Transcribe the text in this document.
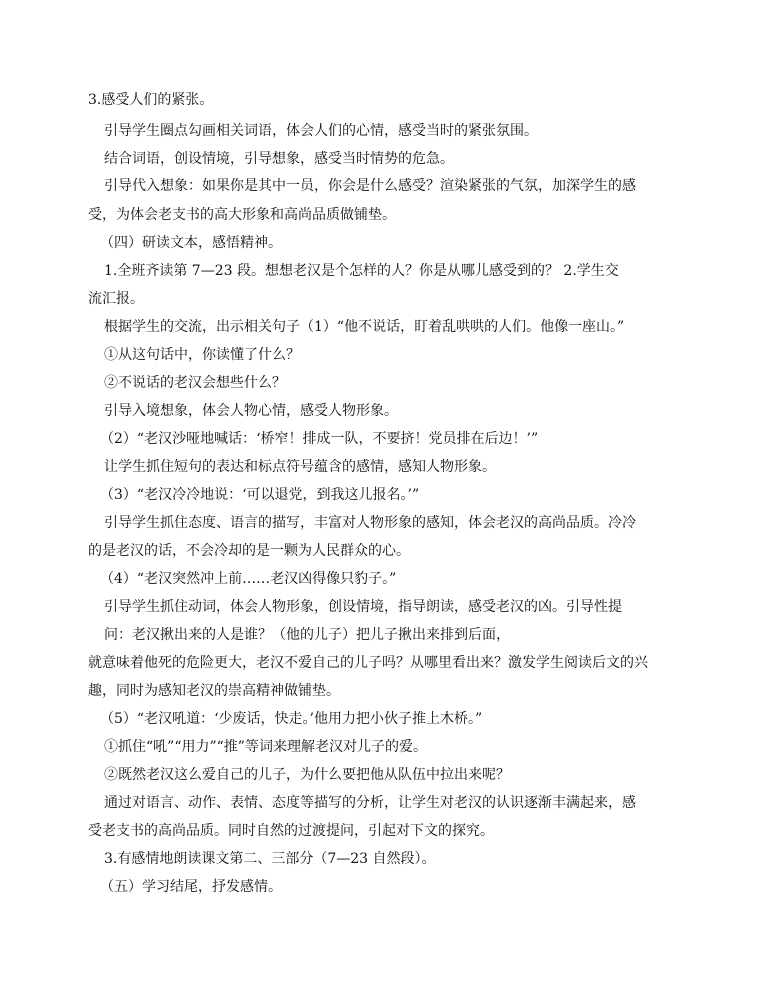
3.感受人们的紧张。
引导学生圈点勾画相关词语，体会人们的心情，感受当时的紧张氛围。
结合词语，创设情境，引导想象，感受当时情势的危急。
引导代入想象：如果你是其中一员，你会是什么感受？渲染紧张的气氛，加深学生的感
受，为体会老支书的高大形象和高尚品质做铺垫。
（四）研读文本，感悟精神。
1.全班齐读第 7—23 段。想想老汉是个怎样的人？你是从哪儿感受到的？ 2.学生交
流汇报。
根据学生的交流，出示相关句子（1）“他不说话，盯着乱哄哄的人们。他像一座山。”
①从这句话中，你读懂了什么？
②不说话的老汉会想些什么？
引导入境想象，体会人物心情，感受人物形象。
（2）“老汉沙哑地喊话：‘桥窄！排成一队，不要挤！党员排在后边！’”
让学生抓住短句的表达和标点符号蕴含的感情，感知人物形象。
（3）“老汉冷冷地说：‘可以退党，到我这儿报名。’”
引导学生抓住态度、语言的描写，丰富对人物形象的感知，体会老汉的高尚品质。冷冷
的是老汉的话，不会冷却的是一颗为人民群众的心。
（4）“老汉突然冲上前……老汉凶得像只豹子。”
引导学生抓住动词，体会人物形象，创设情境，指导朗读，感受老汉的凶。引导性提
问：老汉揪出来的人是谁？（他的儿子）把儿子揪出来排到后面，
就意味着他死的危险更大，老汉不爱自己的儿子吗？从哪里看出来？激发学生阅读后文的兴
趣，同时为感知老汉的崇高精神做铺垫。
（5）“老汉吼道：‘少废话，快走。’他用力把小伙子推上木桥。”
①抓住“吼”“用力”“推”等词来理解老汉对儿子的爱。
②既然老汉这么爱自己的儿子，为什么要把他从队伍中拉出来呢？
通过对语言、动作、表情、态度等描写的分析，让学生对老汉的认识逐渐丰满起来，感
受老支书的高尚品质。同时自然的过渡提问，引起对下文的探究。
3.有感情地朗读课文第二、三部分（7—23 自然段）。
（五）学习结尾，抒发感情。
